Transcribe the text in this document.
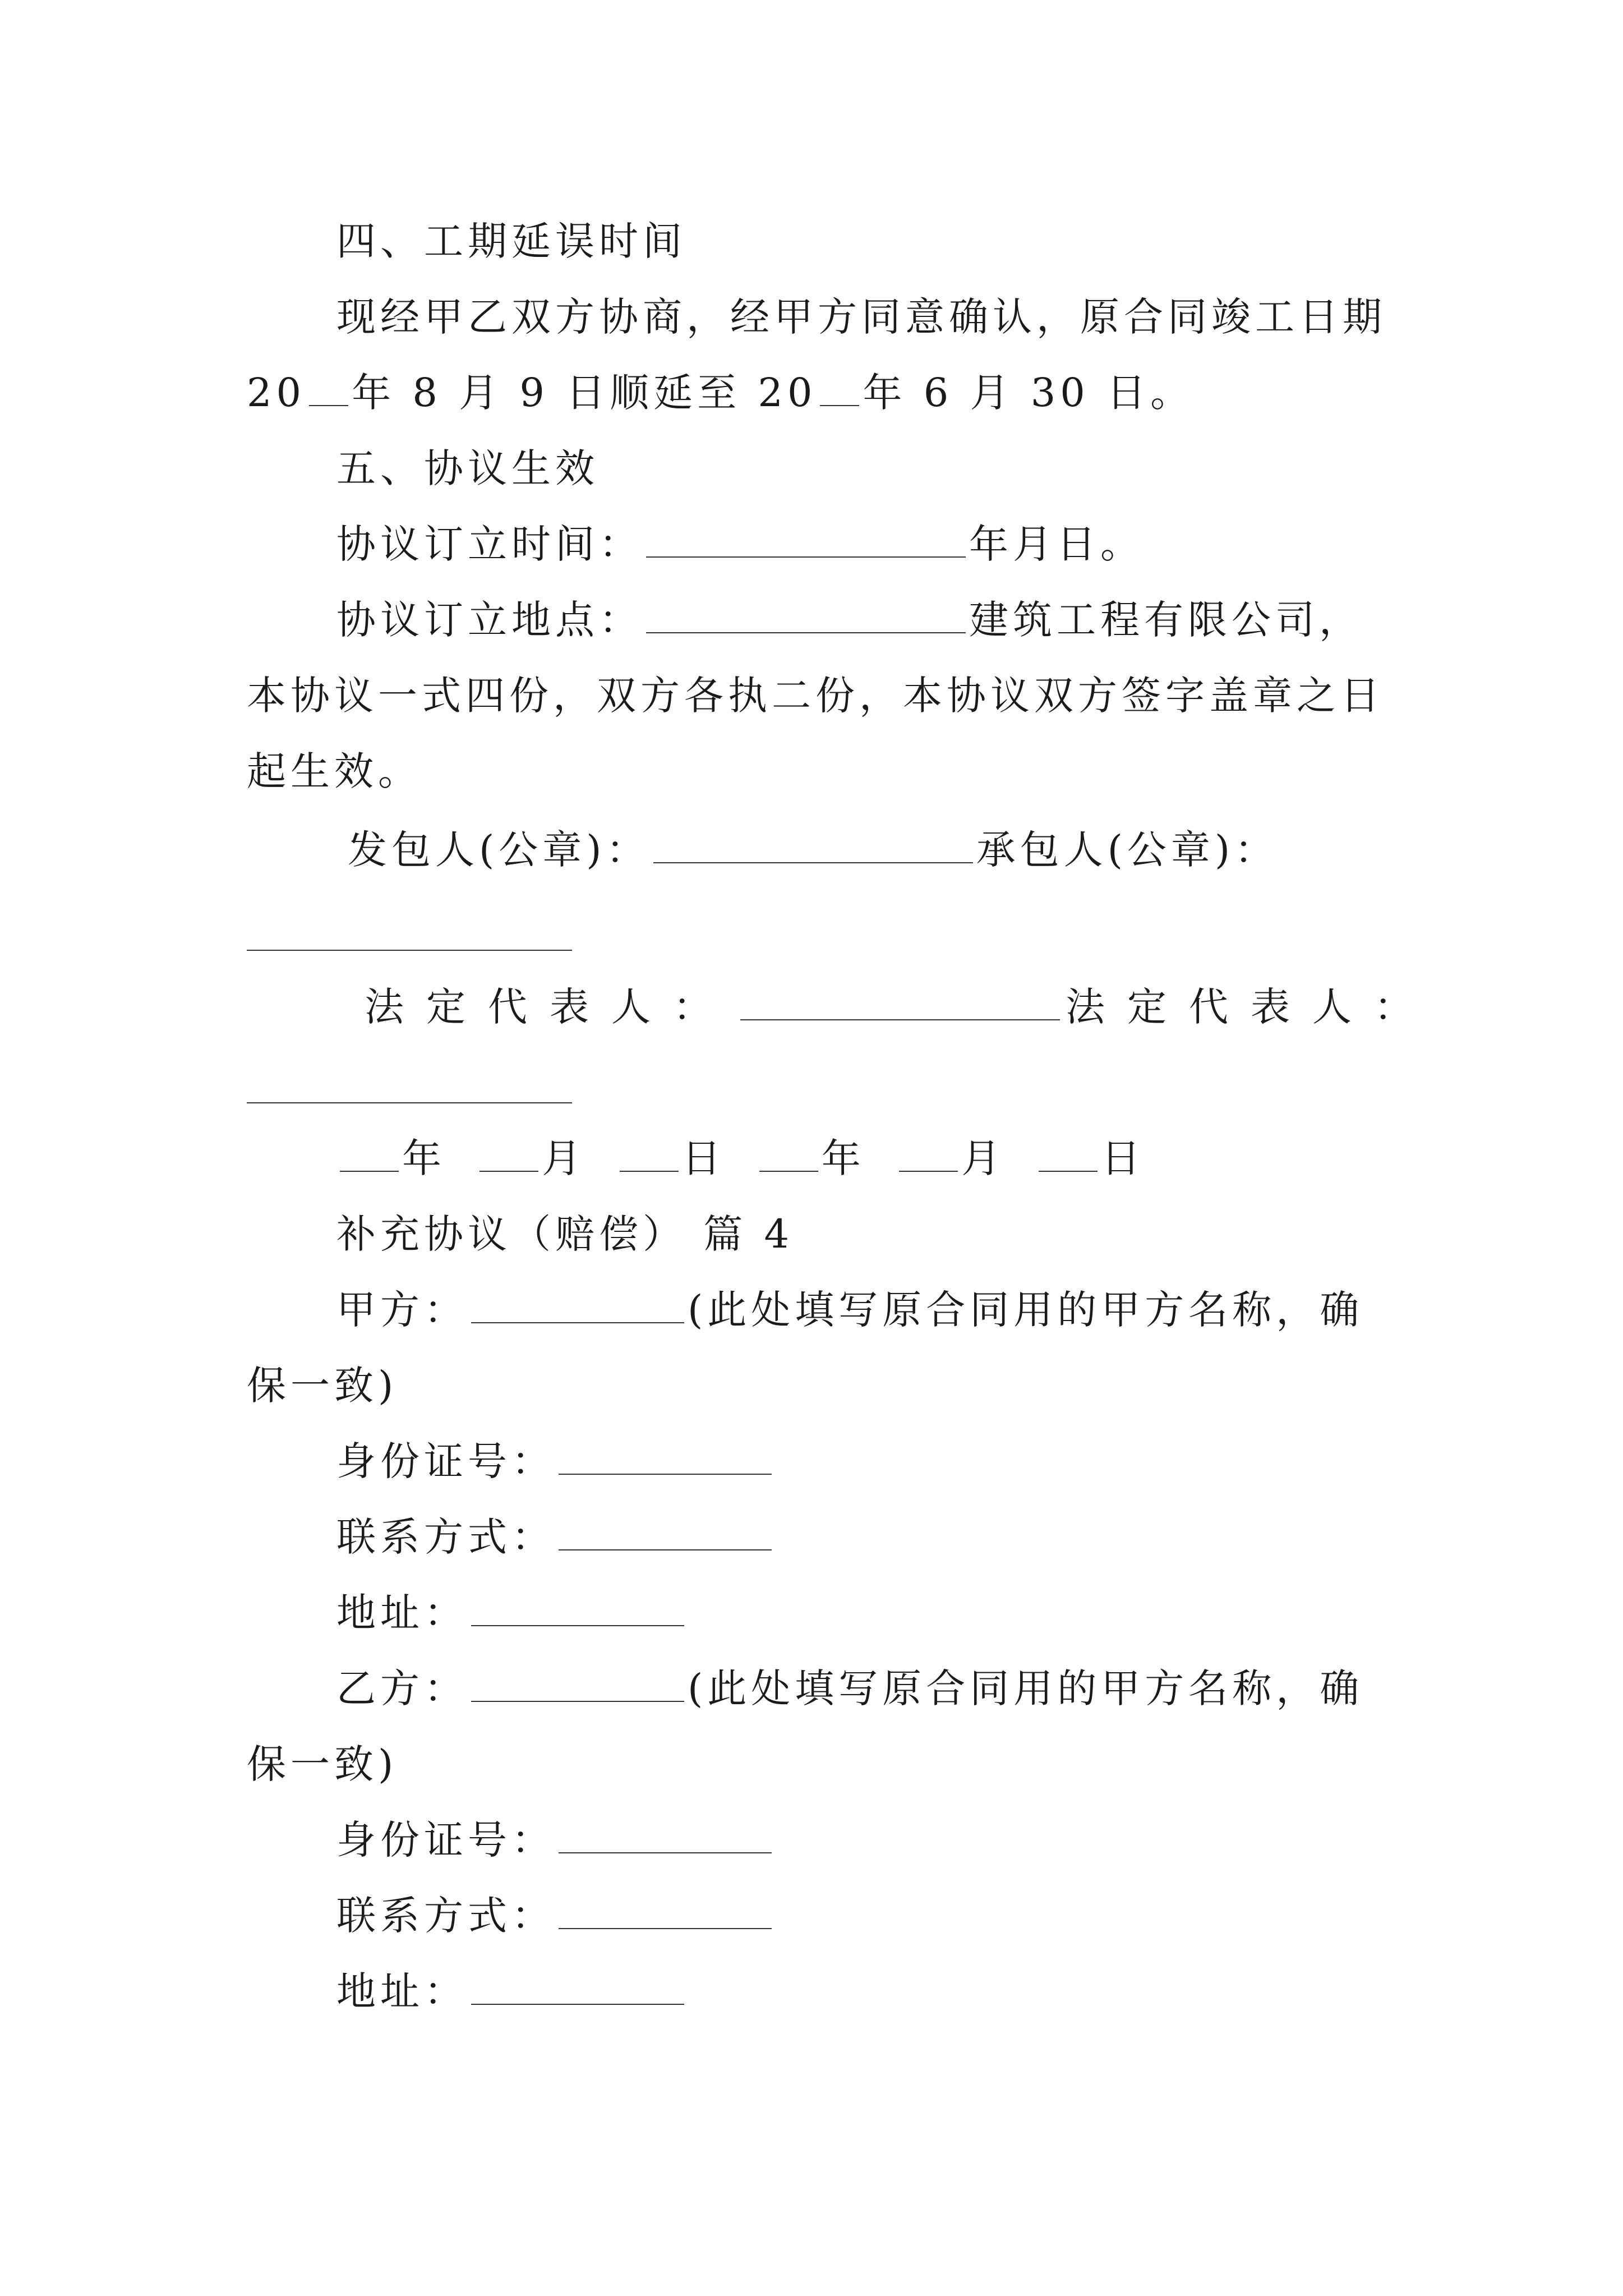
四、工期延误时间
现经甲乙双方协商，经甲方同意确认，原合同竣工日期
20 年 8 月 9 日顺延至 20 年 6 月 30 日。
五、协议生效
协议订立时间：	年月日。
协议订立地点：	建筑工程有限公司，
本协议一式四份，双方各执二份，本协议双方签字盖章之日
起生效。
发包人(公章)：	承包人(公章)：
法定代表人：	法定代表人：
年 月 日 年 月 日
补充协议（赔偿） 篇 4
甲方：	(此处填写原合同用的甲方名称，确
保一致)
身份证号：
联系方式：
地址：
乙方：	(此处填写原合同用的甲方名称，确
保一致)
身份证号：
联系方式：
地址：
